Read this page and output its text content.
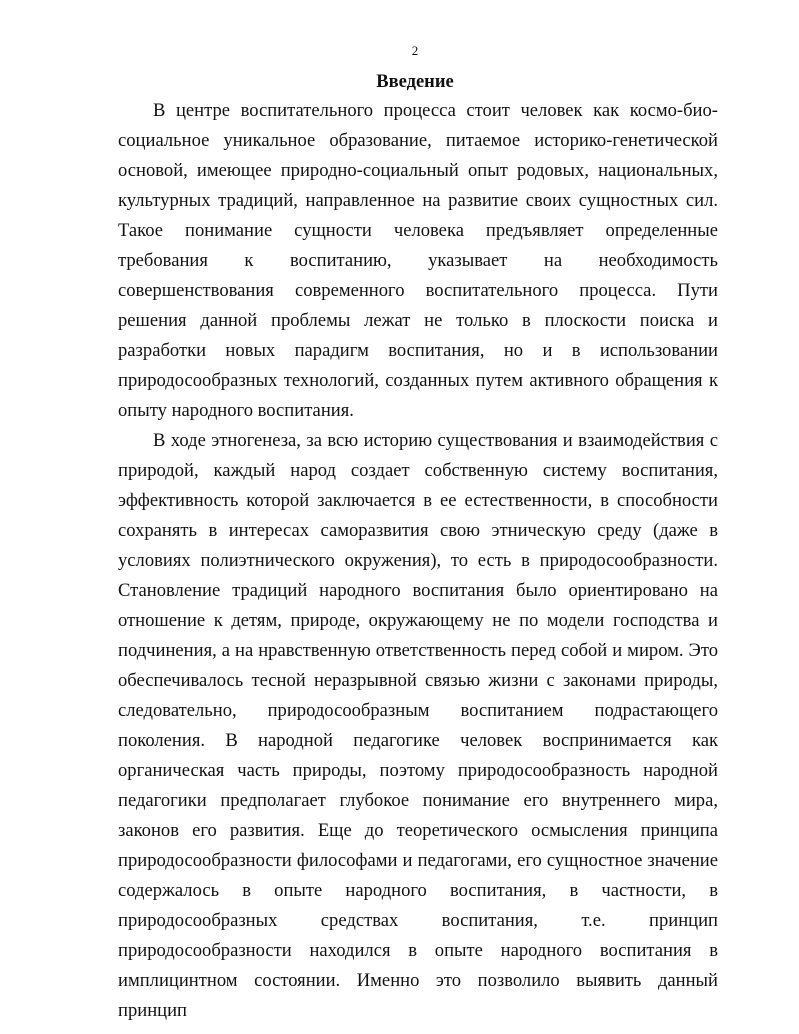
2
Введение

В центре воспитательного процесса стоит человек как космо-био-социальное уникальное образование, питаемое историко-генетической основой, имеющее природно-социальный опыт родовых, национальных, культурных традиций, направленное на развитие своих сущностных сил. Такое понимание сущности человека предъявляет определенные требования к воспитанию, указывает на необходимость совершенствования современного воспитательного процесса. Пути решения данной проблемы лежат не только в плоскости поиска и разработки новых парадигм воспитания, но и в использовании природосообразных технологий, созданных путем активного обращения к опыту народного воспитания.

В ходе этногенеза, за всю историю существования и взаимодействия с природой, каждый народ создает собственную систему воспитания, эффективность которой заключается в ее естественности, в способности сохранять в интересах саморазвития свою этническую среду (даже в условиях полиэтнического окружения), то есть в природосообразности. Становление традиций народного воспитания было ориентировано на отношение к детям, природе, окружающему не по модели господства и подчинения, а на нравственную ответственность перед собой и миром. Это обеспечивалось тесной неразрывной связью жизни с законами природы, следовательно, природосообразным воспитанием подрастающего поколения. В народной педагогике человек воспринимается как органическая часть природы, поэтому природосообразность народной педагогики предполагает глубокое понимание его внутреннего мира, законов его развития. Еще до теоретического осмысления принципа природосообразности философами и педагогами, его сущностное значение содержалось в опыте народного воспитания, в частности, в природосообразных средствах воспитания, т.е. принцип природосообразности находился в опыте народного воспитания в имплицинтном состоянии. Именно это позволило выявить данный принцип
